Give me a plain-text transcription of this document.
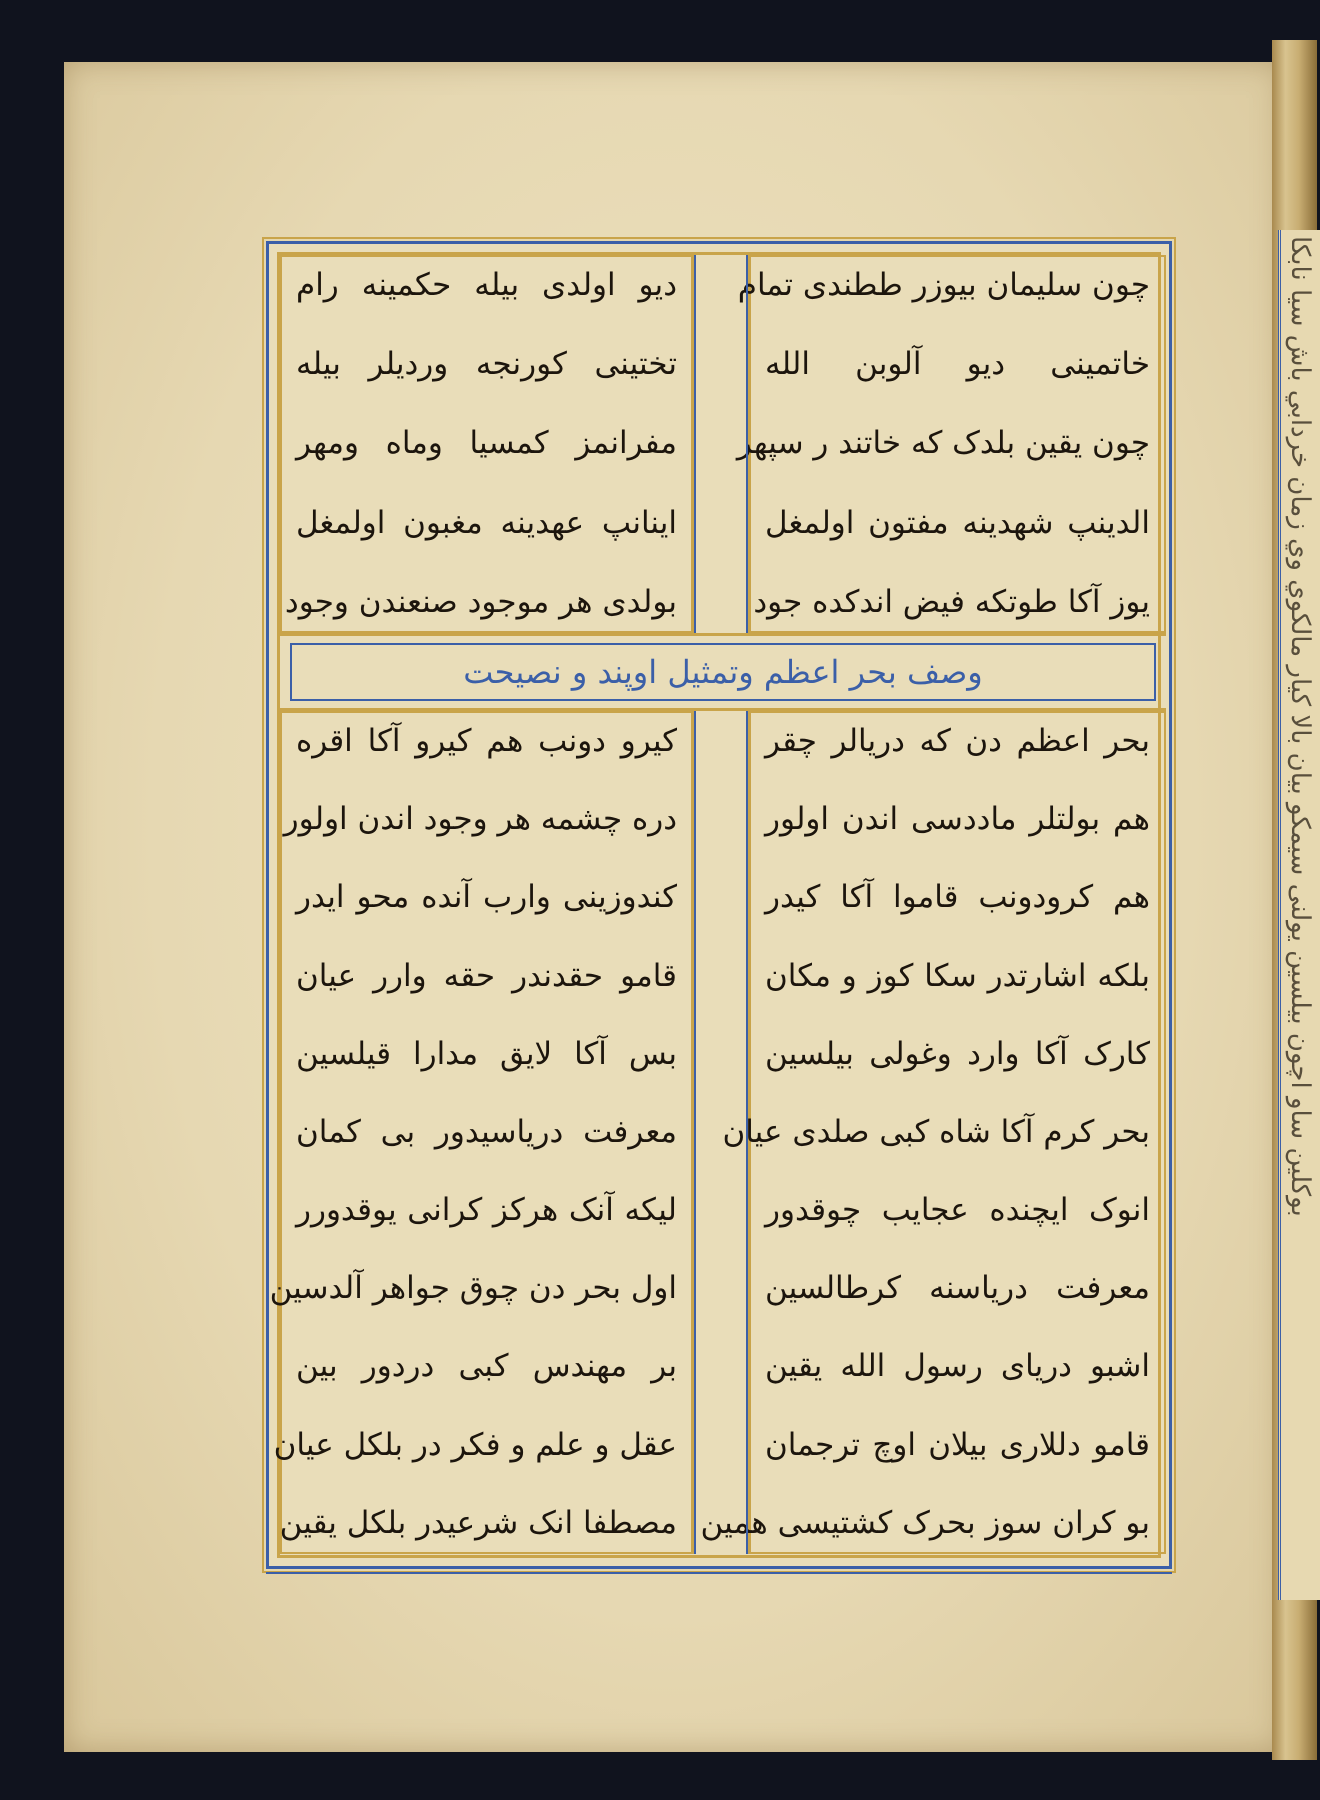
بوكلين ساو اچون بيلسين يولنى سيمكو بيان بالا كيار مالكوي وي زمان خردابي باش سيا نابكا
چون سلیمان بیوزر ططندی تمام
خاتمینی دیو آلوبن الله
چون یقین بلدک که خاتند ر سپهر
الدینپ شهدینه مفتون اولمغل
یوز آکا طوتکه فیض اندکده جود
دیو اولدی بیله حکمینه رام
تختینی کورنجه وردیلر بیله
مفرانمز کمسیا وماه ومهر
اینانپ عهدینه مغبون اولمغل
بولدی هر موجود صنعندن وجود
وصف بحر اعظم وتمثیل اوپند و نصیحت
بحر اعظم دن که دریالر چقر
هم بولتلر ماددسی اندن اولور
هم کرودونب قاموا آکا کیدر
بلکه اشارتدر سکا کوز و مکان
کارک آکا وارد وغولی بیلسین
بحر کرم آکا شاه کبی صلدی عیان
انوک ایچنده عجایب چوقدور
معرفت دریاسنه کرطالسین
اشبو دریای رسول الله یقین
قامو دللاری بیلان اوچ ترجمان
بو کران سوز بحرک کشتیسی همین
کیرو دونب هم کیرو آکا اقره
دره چشمه هر وجود اندن اولور
کندوزینی وارب آنده محو ایدر
قامو حقدندر حقه وارر عیان
بس آکا لایق مدارا قیلسین
معرفت دریاسیدور بی کمان
لیکه آنک هرکز کرانی یوقدورر
اول بحر دن چوق جواهر آلدسین
بر مهندس کبی دردور بین
عقل و علم و فکر در بلکل عیان
مصطفا انک شرعیدر بلکل یقین
